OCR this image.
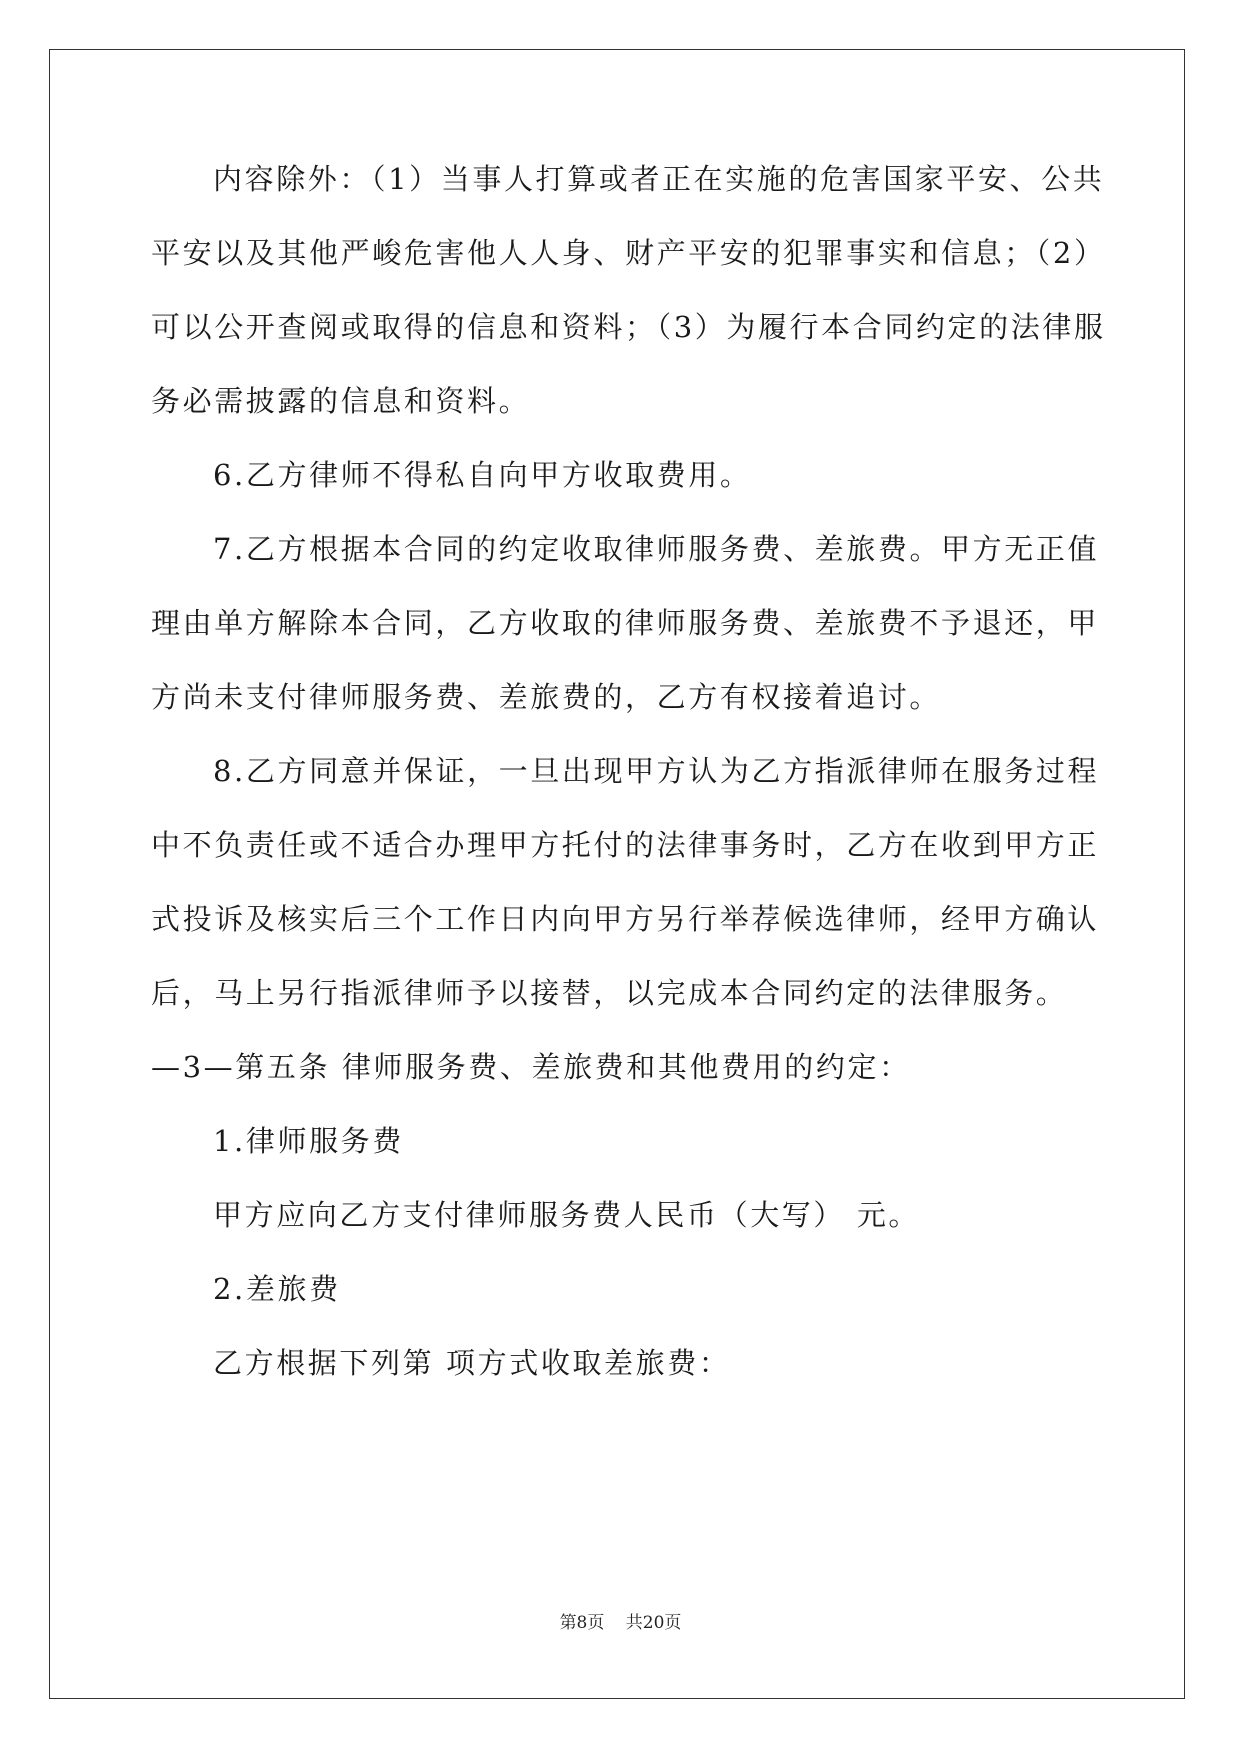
内容除外：（1）当事人打算或者正在实施的危害国家平安、公共
平安以及其他严峻危害他人人身、财产平安的犯罪事实和信息；（2）
可以公开查阅或取得的信息和资料；（3）为履行本合同约定的法律服
务必需披露的信息和资料。
6.乙方律师不得私自向甲方收取费用。
7.乙方根据本合同的约定收取律师服务费、差旅费。甲方无正值
理由单方解除本合同，乙方收取的律师服务费、差旅费不予退还，甲
方尚未支付律师服务费、差旅费的，乙方有权接着追讨。
8.乙方同意并保证，一旦出现甲方认为乙方指派律师在服务过程
中不负责任或不适合办理甲方托付的法律事务时，乙方在收到甲方正
式投诉及核实后三个工作日内向甲方另行举荐候选律师，经甲方确认
后，马上另行指派律师予以接替，以完成本合同约定的法律服务。
—3—第五条 律师服务费、差旅费和其他费用的约定：
1.律师服务费
甲方应向乙方支付律师服务费人民币（大写） 元。
2.差旅费
乙方根据下列第 项方式收取差旅费：
第8页 共20页
